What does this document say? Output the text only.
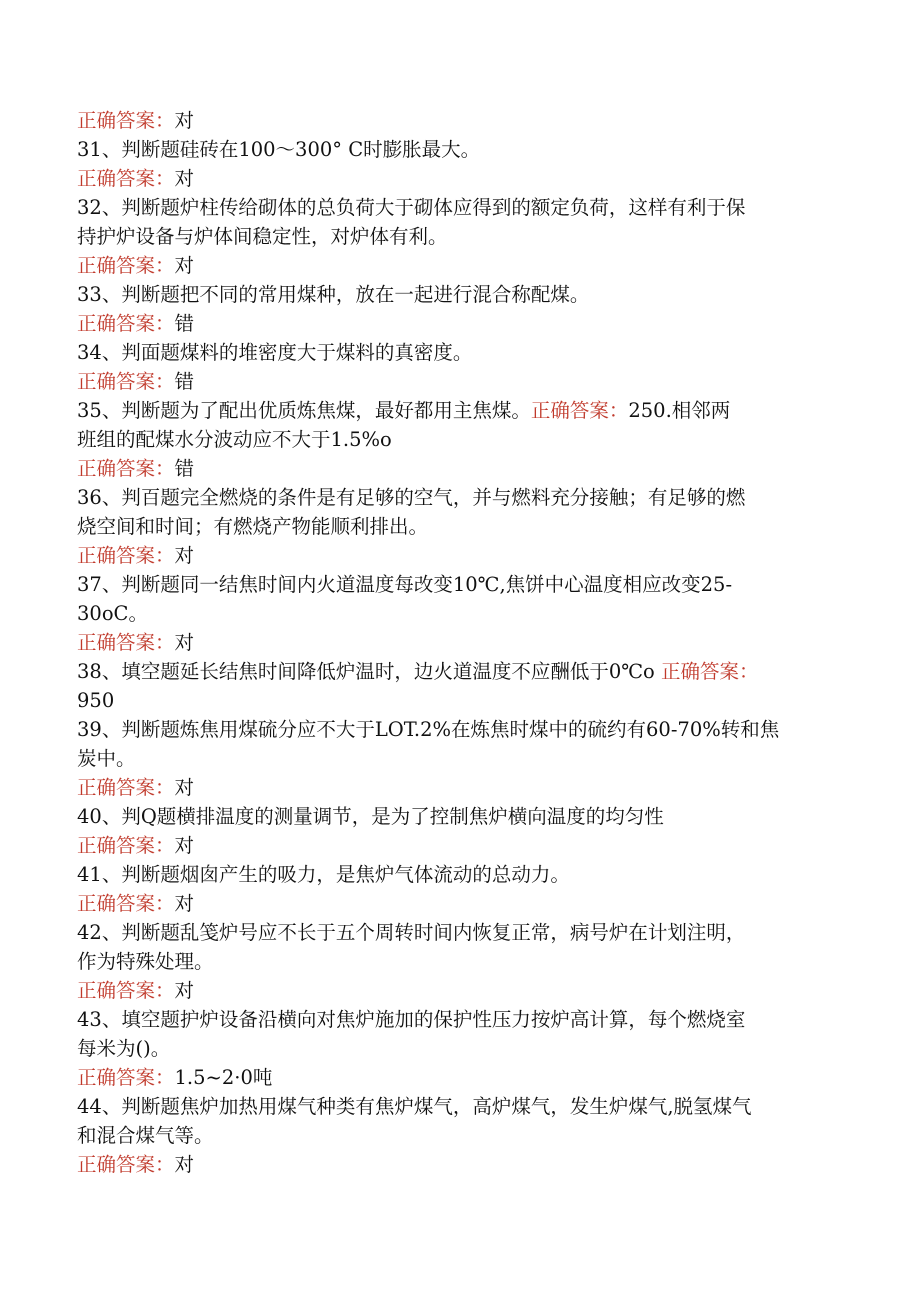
正确答案：对
31、判断题硅砖在100～300° C时膨胀最大。
正确答案：对
32、判断题炉柱传给砌体的总负荷大于砌体应得到的额定负荷，这样有利于保
持护炉设备与炉体间稳定性，对炉体有利。
正确答案：对
33、判断题把不同的常用煤种，放在一起进行混合称配煤。
正确答案：错
34、判面题煤料的堆密度大于煤料的真密度。
正确答案：错
35、判断题为了配出优质炼焦煤，最好都用主焦煤。正确答案：250.相邻两
班组的配煤水分波动应不大于1.5%o
正确答案：错
36、判百题完全燃烧的条件是有足够的空气，并与燃料充分接触；有足够的燃
烧空间和时间；有燃烧产物能顺利排出。
正确答案：对
37、判断题同一结焦时间内火道温度每改变10℃,焦饼中心温度相应改变25-
30oC。
正确答案：对
38、填空题延长结焦时间降低炉温时，边火道温度不应酬低于0℃o 正确答案：
950
39、判断题炼焦用煤硫分应不大于LOT.2%在炼焦时煤中的硫约有60-70%转和焦
炭中。
正确答案：对
40、判Q题横排温度的测量调节，是为了控制焦炉横向温度的均匀性
正确答案：对
41、判断题烟囱产生的吸力，是焦炉气体流动的总动力。
正确答案：对
42、判断题乱笺炉号应不长于五个周转时间内恢复正常，病号炉在计划注明，
作为特殊处理。
正确答案：对
43、填空题护炉设备沿横向对焦炉施加的保护性压力按炉高计算，每个燃烧室
每米为()。
正确答案：1.5~2·0吨
44、判断题焦炉加热用煤气种类有焦炉煤气，高炉煤气，发生炉煤气,脱氢煤气
和混合煤气等。
正确答案：对
